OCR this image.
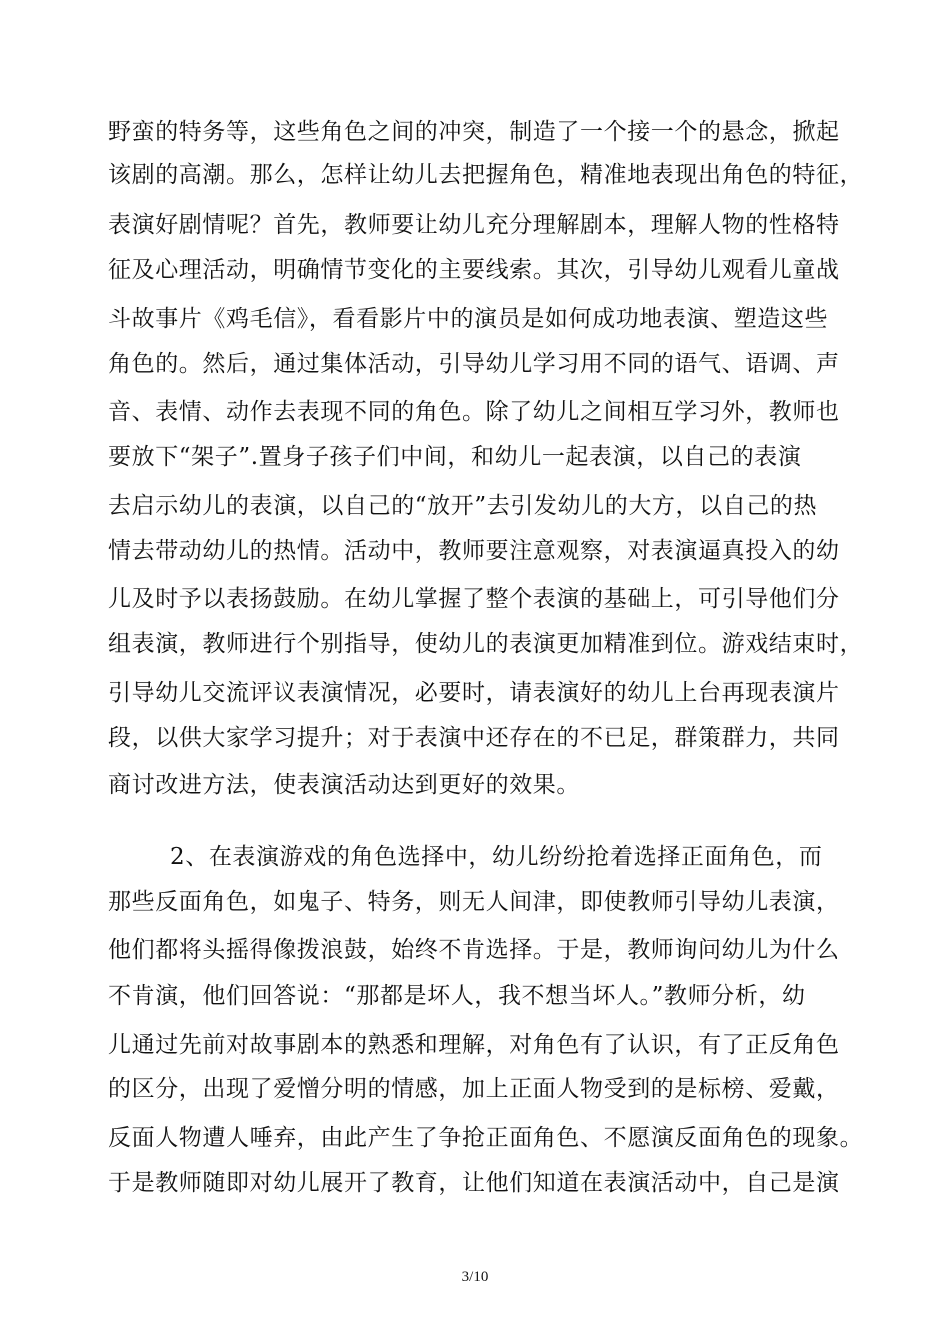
野蛮的特务等，这些角色之间的冲突，制造了一个接一个的悬念，掀起
该剧的高潮。那么，怎样让幼儿去把握角色，精准地表现出角色的特征，
表演好剧情呢？首先，教师要让幼儿充分理解剧本，理解人物的性格特
征及心理活动，明确情节变化的主要线索。其次，引导幼儿观看儿童战
斗故事片《鸡毛信》，看看影片中的演员是如何成功地表演、塑造这些
角色的。然后，通过集体活动，引导幼儿学习用不同的语气、语调、声
音、表情、动作去表现不同的角色。除了幼儿之间相互学习外，教师也
要放下“架子”.置身子孩子们中间，和幼儿一起表演，以自己的表演
去启示幼儿的表演，以自己的“放开”去引发幼儿的大方，以自己的热
情去带动幼儿的热情。活动中，教师要注意观察，对表演逼真投入的幼
儿及时予以表扬鼓励。在幼儿掌握了整个表演的基础上，可引导他们分
组表演，教师进行个别指导，使幼儿的表演更加精准到位。游戏结束时，
引导幼儿交流评议表演情况，必要时，请表演好的幼儿上台再现表演片
段，以供大家学习提升；对于表演中还存在的不已足，群策群力，共同
商讨改进方法，使表演活动达到更好的效果。
2、在表演游戏的角色选择中，幼儿纷纷抢着选择正面角色，而
那些反面角色，如鬼子、特务，则无人间津，即使教师引导幼儿表演，
他们都将头摇得像拨浪鼓，始终不肯选择。于是，教师询问幼儿为什么
不肯演，他们回答说：“那都是坏人，我不想当坏人。”教师分析，幼
儿通过先前对故事剧本的熟悉和理解，对角色有了认识，有了正反角色
的区分，出现了爱憎分明的情感，加上正面人物受到的是标榜、爱戴，
反面人物遭人唾弃，由此产生了争抢正面角色、不愿演反面角色的现象。
于是教师随即对幼儿展开了教育，让他们知道在表演活动中，自己是演
3/10
